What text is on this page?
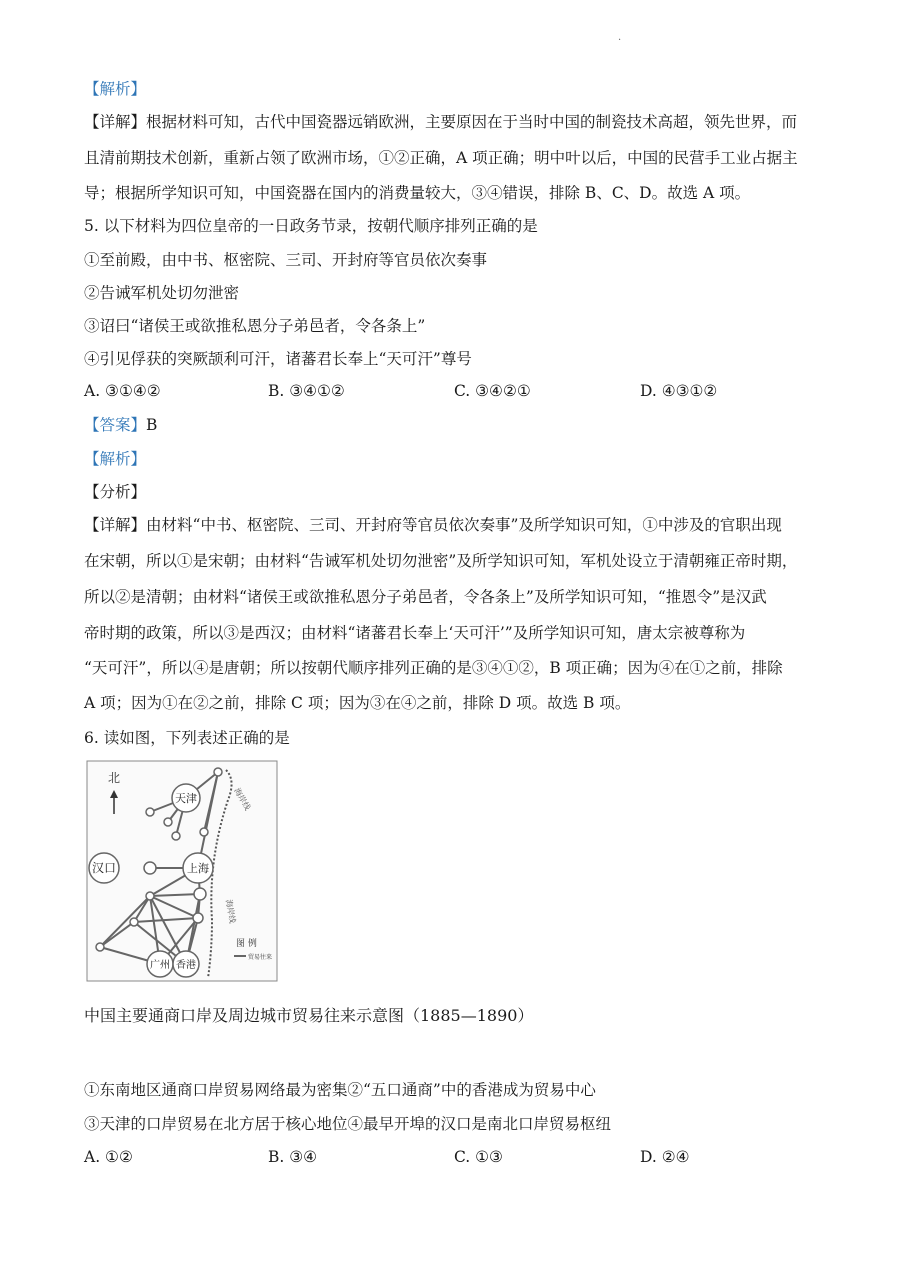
.
【解析】
【详解】根据材料可知，古代中国瓷器远销欧洲，主要原因在于当时中国的制瓷技术高超，领先世界，而
且清前期技术创新，重新占领了欧洲市场，①②正确，A 项正确；明中叶以后，中国的民营手工业占据主
导；根据所学知识可知，中国瓷器在国内的消费量较大，③④错误，排除 B、C、D。故选 A 项。
5. 以下材料为四位皇帝的一日政务节录，按朝代顺序排列正确的是
①至前殿，由中书、枢密院、三司、开封府等官员依次奏事
②告诫军机处切勿泄密
③诏曰“诸侯王或欲推私恩分子弟邑者，令各条上”
④引见俘获的突厥颉利可汗，诸蕃君长奉上“天可汗”尊号
A. ③①④②	B. ③④①②	C. ③④②①	D. ④③①②
【答案】B
【解析】
【分析】
【详解】由材料“中书、枢密院、三司、开封府等官员依次奏事”及所学知识可知，①中涉及的官职出现
在宋朝，所以①是宋朝；由材料“告诫军机处切勿泄密”及所学知识可知，军机处设立于清朝雍正帝时期，
所以②是清朝；由材料“诸侯王或欲推私恩分子弟邑者，令各条上”及所学知识可知，“推恩令”是汉武
帝时期的政策，所以③是西汉；由材料“诸蕃君长奉上‘天可汗’”及所学知识可知，唐太宗被尊称为
“天可汗”，所以④是唐朝；所以按朝代顺序排列正确的是③④①②，B 项正确；因为④在①之前，排除
A 项；因为①在②之前，排除 C 项；因为③在④之前，排除 D 项。故选 B 项。
6. 读如图，下列表述正确的是
海岸线
海岸线
天津
汉口	上海
广州 香港
北
图 例
贸易往来
中国主要通商口岸及周边城市贸易往来示意图（1885—1890）
①东南地区通商口岸贸易网络最为密集②“五口通商”中的香港成为贸易中心
③天津的口岸贸易在北方居于核心地位④最早开埠的汉口是南北口岸贸易枢纽
A. ①②	B. ③④	C. ①③	D. ②④
